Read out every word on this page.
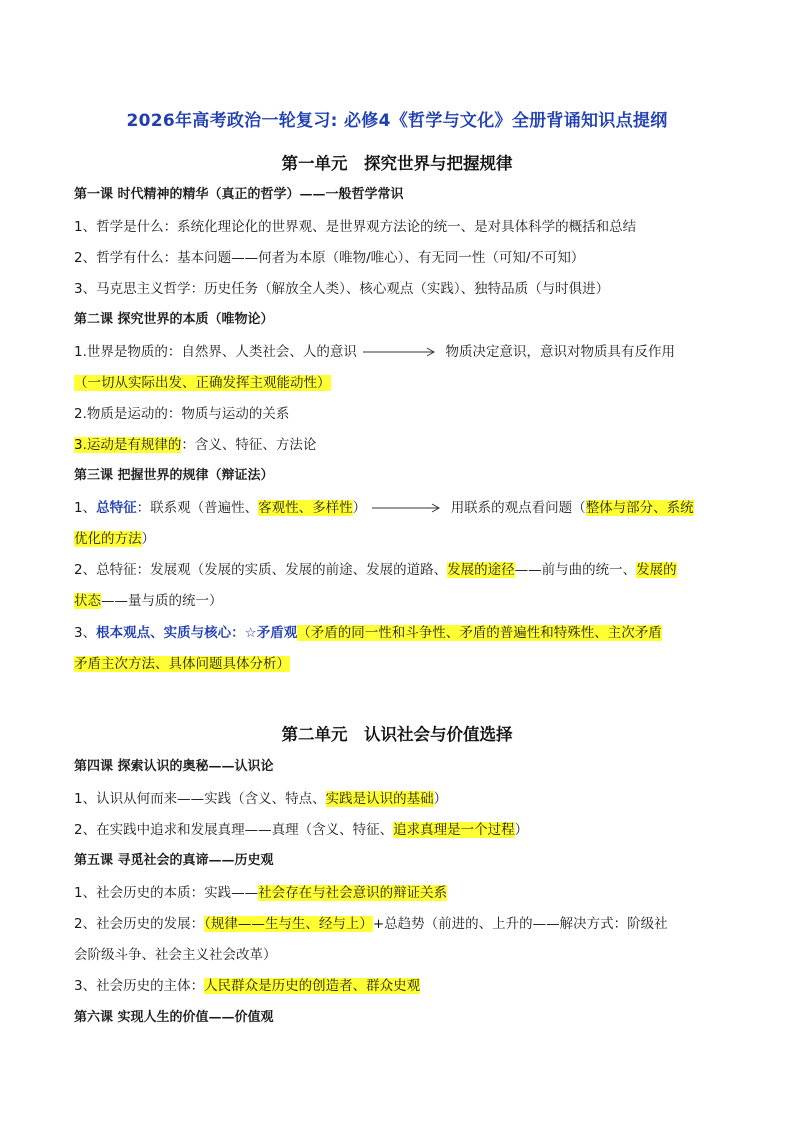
2026年高考政治一轮复习: 必修4《哲学与文化》全册背诵知识点提纲
第一单元　探究世界与把握规律
第一课 时代精神的精华（真正的哲学）——一般哲学常识
1、哲学是什么：系统化理论化的世界观、是世界观方法论的统一、是对具体科学的概括和总结
2、哲学有什么：基本问题——何者为本原（唯物/唯心）、有无同一性（可知/不可知）
3、马克思主义哲学：历史任务（解放全人类）、核心观点（实践）、独特品质（与时俱进）
第二课 探究世界的本质（唯物论）
1.世界是物质的：自然界、人类社会、人的意识	物质决定意识，意识对物质具有反作用
（一切从实际出发、正确发挥主观能动性）
2.物质是运动的：物质与运动的关系
3.运动是有规律的：含义、特征、方法论
第三课 把握世界的规律（辩证法）
1、总特征：联系观（普遍性、客观性、多样性）	用联系的观点看问题（整体与部分、系统
优化的方法）
2、总特征：发展观（发展的实质、发展的前途、发展的道路、发展的途径——前与曲的统一、发展的
状态——量与质的统一）
3、根本观点、实质与核心：☆矛盾观（矛盾的同一性和斗争性、矛盾的普遍性和特殊性、主次矛盾
矛盾主次方法、具体问题具体分析）
第二单元　认识社会与价值选择
第四课 探索认识的奥秘——认识论
1、认识从何而来——实践（含义、特点、实践是认识的基础）
2、在实践中追求和发展真理——真理（含义、特征、追求真理是一个过程）
第五课 寻觅社会的真谛——历史观
1、社会历史的本质：实践——社会存在与社会意识的辩证关系
2、社会历史的发展：（规律——生与生、经与上）+总趋势（前进的、上升的——解决方式：阶级社
会阶级斗争、社会主义社会改革）
3、社会历史的主体：人民群众是历史的创造者、群众史观
第六课 实现人生的价值——价值观
